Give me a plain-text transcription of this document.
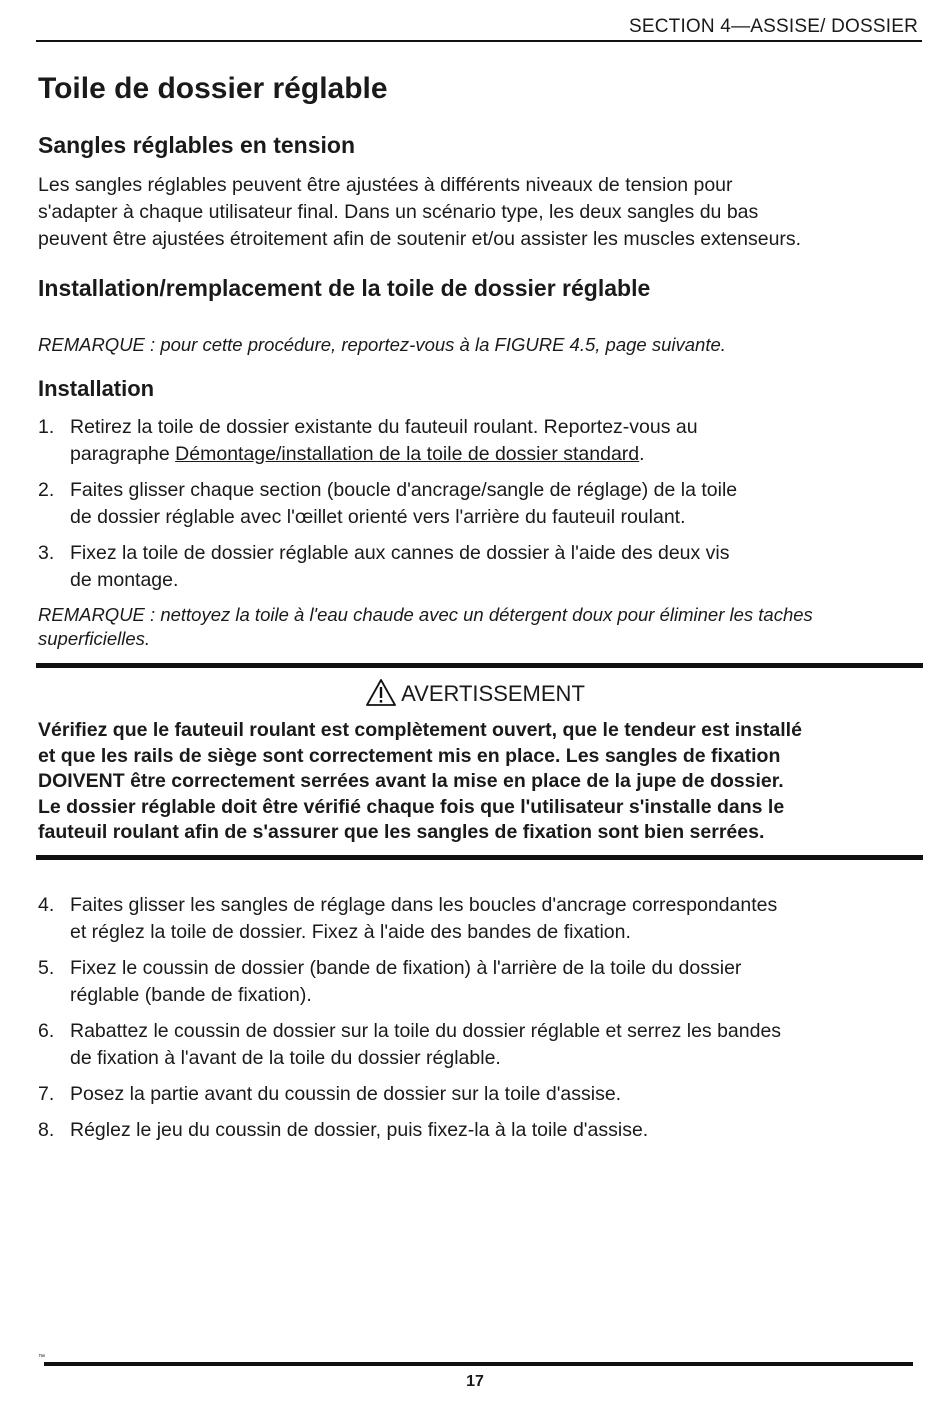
SECTION 4—ASSISE/ DOSSIER
Toile de dossier réglable
Sangles réglables en tension
Les sangles réglables peuvent être ajustées à différents niveaux de tension pour
s'adapter à chaque utilisateur final. Dans un scénario type, les deux sangles du bas
peuvent être ajustées étroitement afin de soutenir et/ou assister les muscles extenseurs.
Installation/remplacement de la toile de dossier réglable
REMARQUE : pour cette procédure, reportez-vous à la FIGURE 4.5, page suivante.
Installation
1. Retirez la toile de dossier existante du fauteuil roulant. Reportez-vous au
paragraphe Démontage/installation de la toile de dossier standard.
2. Faites glisser chaque section (boucle d'ancrage/sangle de réglage) de la toile
de dossier réglable avec l'œillet orienté vers l'arrière du fauteuil roulant.
3. Fixez la toile de dossier réglable aux cannes de dossier à l'aide des deux vis
de montage.
REMARQUE : nettoyez la toile à l'eau chaude avec un détergent doux pour éliminer les taches
superficielles.
AVERTISSEMENT
Vérifiez que le fauteuil roulant est complètement ouvert, que le tendeur est installé
et que les rails de siège sont correctement mis en place. Les sangles de fixation
DOIVENT être correctement serrées avant la mise en place de la jupe de dossier.
Le dossier réglable doit être vérifié chaque fois que l'utilisateur s'installe dans le
fauteuil roulant afin de s'assurer que les sangles de fixation sont bien serrées.
4. Faites glisser les sangles de réglage dans les boucles d'ancrage correspondantes
et réglez la toile de dossier. Fixez à l'aide des bandes de fixation.
5. Fixez le coussin de dossier (bande de fixation) à l'arrière de la toile du dossier
réglable (bande de fixation).
6. Rabattez le coussin de dossier sur la toile du dossier réglable et serrez les bandes
de fixation à l'avant de la toile du dossier réglable.
7. Posez la partie avant du coussin de dossier sur la toile d'assise.
8. Réglez le jeu du coussin de dossier, puis fixez-la à la toile d'assise.
™
17
